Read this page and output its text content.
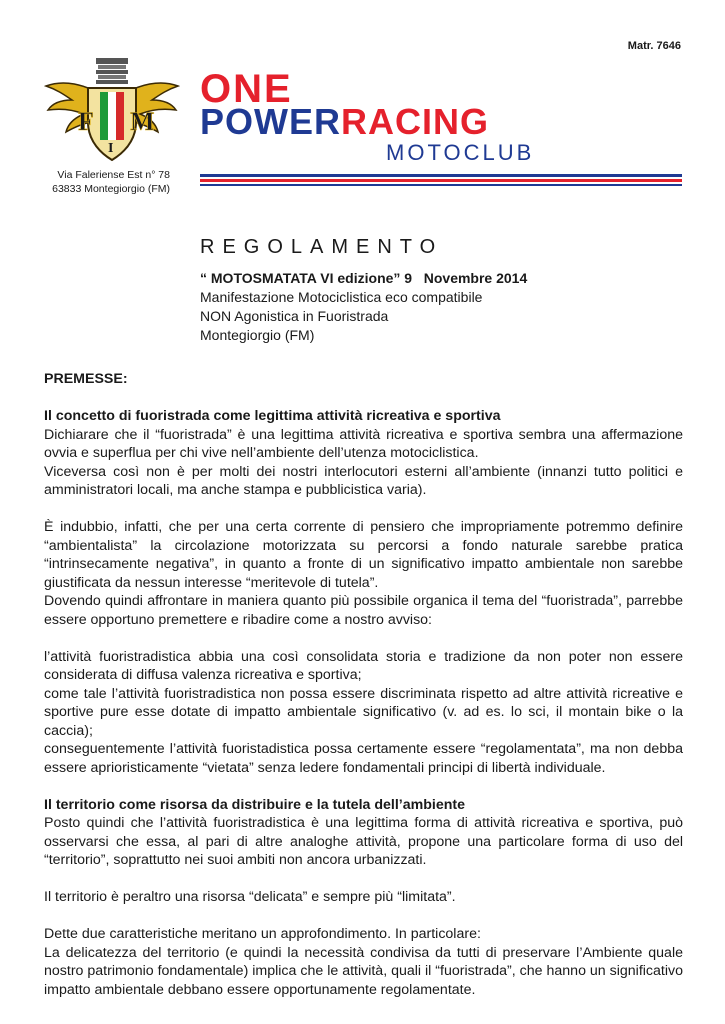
Matr. 7646
F M
I
Via Faleriense Est n° 78
63833 Montegiorgio (FM)
ONE
POWERRACING
MOTOCLUB
REGOLAMENTO
“ MOTOSMATATA VI edizione” 9   Novembre 2014
Manifestazione Motociclistica eco compatibile
NON Agonistica in Fuoristrada
Montegiorgio (FM)

PREMESSE:

Il concetto di fuoristrada come legittima attività ricreativa e sportiva

Dichiarare che il “fuoristrada” è una legittima attività ricreativa e sportiva sembra una affermazione ovvia e superflua per chi vive nell’ambiente dell’utenza motociclistica.

Viceversa così non è per molti dei nostri interlocutori esterni all’ambiente (innanzi tutto politici e amministratori locali, ma anche stampa e pubblicistica varia).

È indubbio, infatti, che per una certa corrente di pensiero che impropriamente potremmo definire “ambientalista” la circolazione motorizzata su percorsi a fondo naturale sarebbe pratica “intrinsecamente negativa”, in quanto a fronte di un significativo impatto ambientale non sarebbe giustificata da nessun interesse “meritevole di tutela”.

Dovendo quindi affrontare in maniera quanto più possibile organica il tema del “fuoristrada”, parrebbe essere opportuno premettere e ribadire come a nostro avviso:

l’attività fuoristradistica abbia una così consolidata storia e tradizione da non poter non essere considerata di diffusa valenza ricreativa e sportiva;

come tale l’attività fuoristradistica non possa essere discriminata rispetto ad altre attività ricreative e sportive pure esse dotate di impatto ambientale significativo (v. ad es. lo sci, il montain bike o la caccia);

conseguentemente l’attività fuoristadistica possa certamente essere “regolamentata”, ma non debba essere aprioristicamente “vietata” senza ledere fondamentali principi di libertà individuale.

Il territorio come risorsa da distribuire e la tutela dell’ambiente

Posto quindi che l’attività fuoristradistica è una legittima forma di attività ricreativa e sportiva, può osservarsi che essa, al pari di altre analoghe attività, propone una particolare forma di uso del “territorio”, soprattutto nei suoi ambiti non ancora urbanizzati.

Il territorio è peraltro una risorsa “delicata” e sempre più “limitata”.

Dette due caratteristiche meritano un approfondimento. In particolare:

La delicatezza del territorio (e quindi la necessità condivisa da tutti di preservare l’Ambiente quale nostro patrimonio fondamentale) implica che le attività, quali il “fuoristrada”, che hanno un significativo impatto ambientale debbano essere opportunamente regolamentate.
